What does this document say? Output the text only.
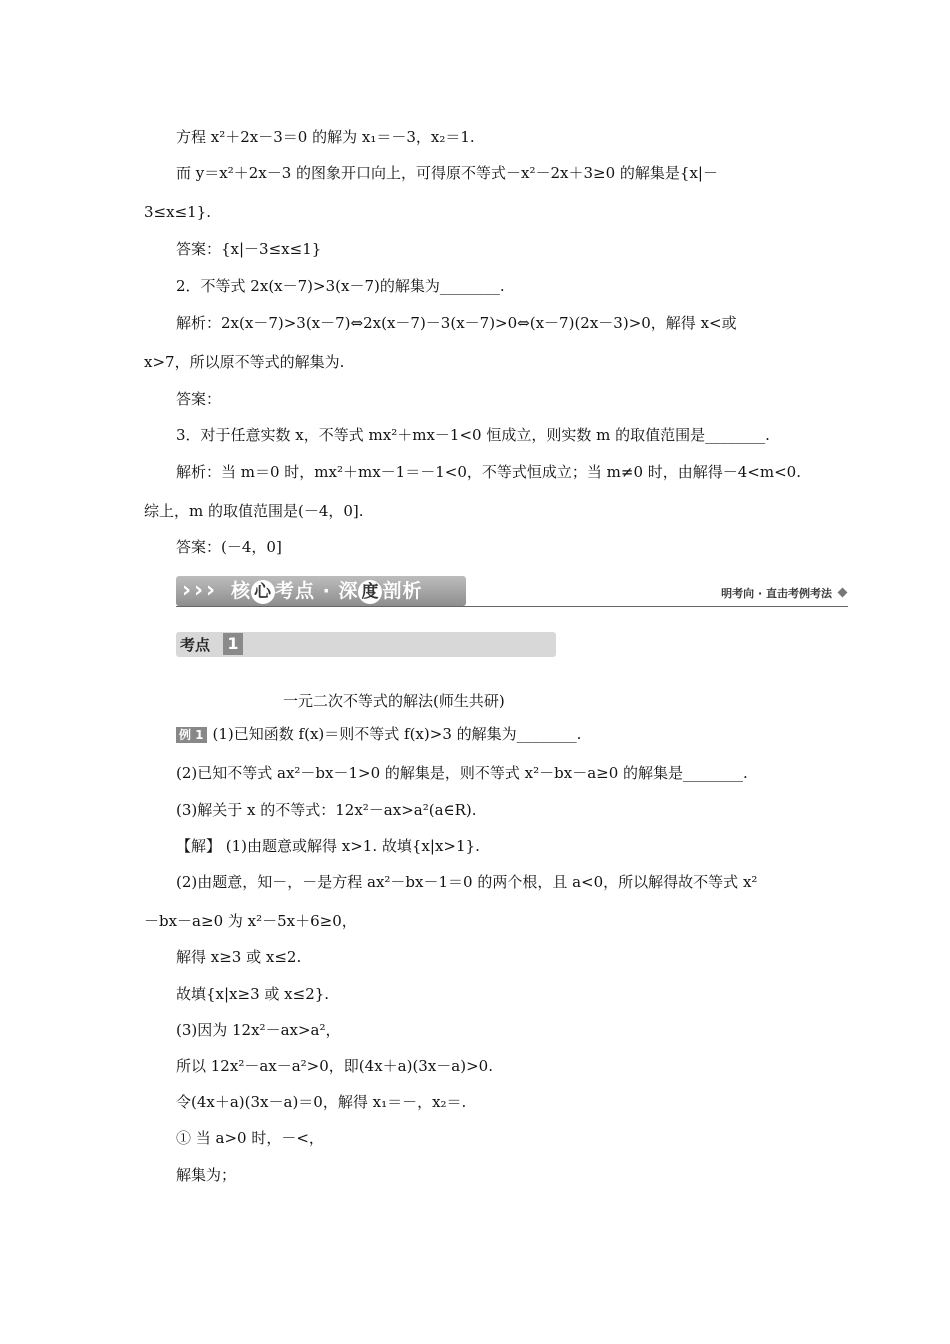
方程 x²＋2x－3＝0 的解为 x₁＝－3，x₂＝1.
而 y＝x²＋2x－3 的图象开口向上，可得原不等式－x²－2x＋3≥0 的解集是{x|－
3≤x≤1}.
答案：{x|－3≤x≤1}
2．不等式 2x(x－7)>3(x－7)的解集为________.
解析：2x(x－7)>3(x－7)⇔2x(x－7)－3(x－7)>0⇔(x－7)(2x－3)>0，解得 x<或
x>7，所以原不等式的解集为.
答案：
3．对于任意实数 x，不等式 mx²＋mx－1<0 恒成立，则实数 m 的取值范围是________.
解析：当 m＝0 时，mx²＋mx－1＝－1<0，不等式恒成立；当 m≠0 时，由解得－4<m<0.
综上，m 的取值范围是(－4，0].
答案：(－4，0]
› › › 核 心 考点 · 深 度 剖析	明考向 · 直击考例考法
考点 1
一元二次不等式的解法(师生共研)
例 1 (1)已知函数 f(x)＝则不等式 f(x)>3 的解集为________.
(2)已知不等式 ax²－bx－1>0 的解集是，则不等式 x²－bx－a≥0 的解集是________.
(3)解关于 x 的不等式：12x²－ax>a²(a∈R).
【解】 (1)由题意或解得 x>1. 故填{x|x>1}.
(2)由题意，知－，－是方程 ax²－bx－1＝0 的两个根，且 a<0，所以解得故不等式 x²
－bx－a≥0 为 x²－5x＋6≥0，
解得 x≥3 或 x≤2.
故填{x|x≥3 或 x≤2}.
(3)因为 12x²－ax>a²，
所以 12x²－ax－a²>0，即(4x＋a)(3x－a)>0.
令(4x＋a)(3x－a)＝0，解得 x₁＝－，x₂＝.
① 当 a>0 时，－<，
解集为；
